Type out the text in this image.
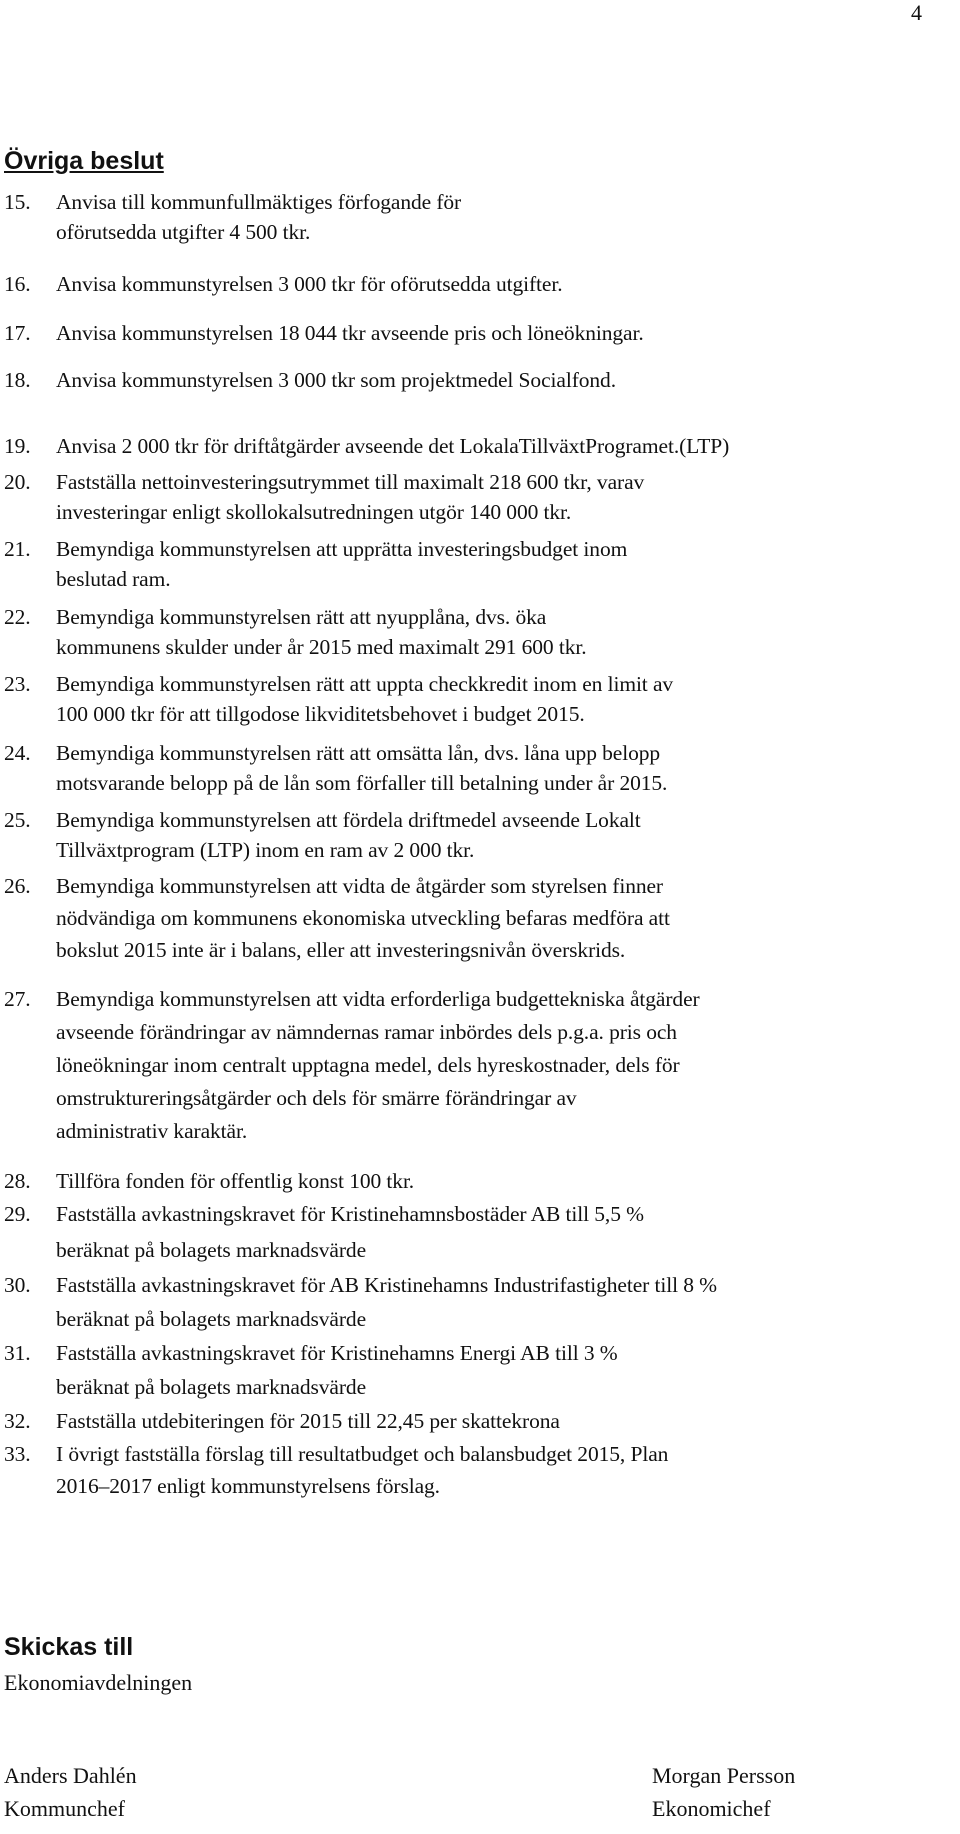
4
Övriga beslut
15. Anvisa till kommunfullmäktiges förfogande för
oförutsedda utgifter 4 500 tkr.
16. Anvisa kommunstyrelsen 3 000 tkr för oförutsedda utgifter.
17. Anvisa kommunstyrelsen 18 044 tkr avseende pris och löneökningar.
18. Anvisa kommunstyrelsen 3 000 tkr som projektmedel Socialfond.
19. Anvisa 2 000 tkr för driftåtgärder avseende det LokalaTillväxtProgramet.(LTP)
20. Fastställa nettoinvesteringsutrymmet till maximalt 218 600 tkr, varav
investeringar enligt skollokalsutredningen utgör 140 000 tkr.
21. Bemyndiga kommunstyrelsen att upprätta investeringsbudget inom
beslutad ram.
22. Bemyndiga kommunstyrelsen rätt att nyupplåna, dvs. öka
kommunens skulder under år 2015 med maximalt 291 600 tkr.
23. Bemyndiga kommunstyrelsen rätt att uppta checkkredit inom en limit av
100 000 tkr för att tillgodose likviditetsbehovet i budget 2015.
24. Bemyndiga kommunstyrelsen rätt att omsätta lån, dvs. låna upp belopp
motsvarande belopp på de lån som förfaller till betalning under år 2015.
25. Bemyndiga kommunstyrelsen att fördela driftmedel avseende Lokalt
Tillväxtprogram (LTP) inom en ram av 2 000 tkr.
26. Bemyndiga kommunstyrelsen att vidta de åtgärder som styrelsen finner
nödvändiga om kommunens ekonomiska utveckling befaras medföra att
bokslut 2015 inte är i balans, eller att investeringsnivån överskrids.
27. Bemyndiga kommunstyrelsen att vidta erforderliga budgettekniska åtgärder
avseende förändringar av nämndernas ramar inbördes dels p.g.a. pris och
löneökningar inom centralt upptagna medel, dels hyreskostnader, dels för
omstruktureringsåtgärder och dels för smärre förändringar av
administrativ karaktär.
28. Tillföra fonden för offentlig konst 100 tkr.
29. Fastställa avkastningskravet för Kristinehamnsbostäder AB till 5,5 %
beräknat på bolagets marknadsvärde
30. Fastställa avkastningskravet för AB Kristinehamns Industrifastigheter till 8 %
beräknat på bolagets marknadsvärde
31. Fastställa avkastningskravet för Kristinehamns Energi AB till 3 %
beräknat på bolagets marknadsvärde
32. Fastställa utdebiteringen för 2015 till 22,45 per skattekrona
33. I övrigt fastställa förslag till resultatbudget och balansbudget 2015, Plan
2016–2017 enligt kommunstyrelsens förslag.
Skickas till
Ekonomiavdelningen
Anders Dahlén
Kommunchef
Morgan Persson
Ekonomichef
